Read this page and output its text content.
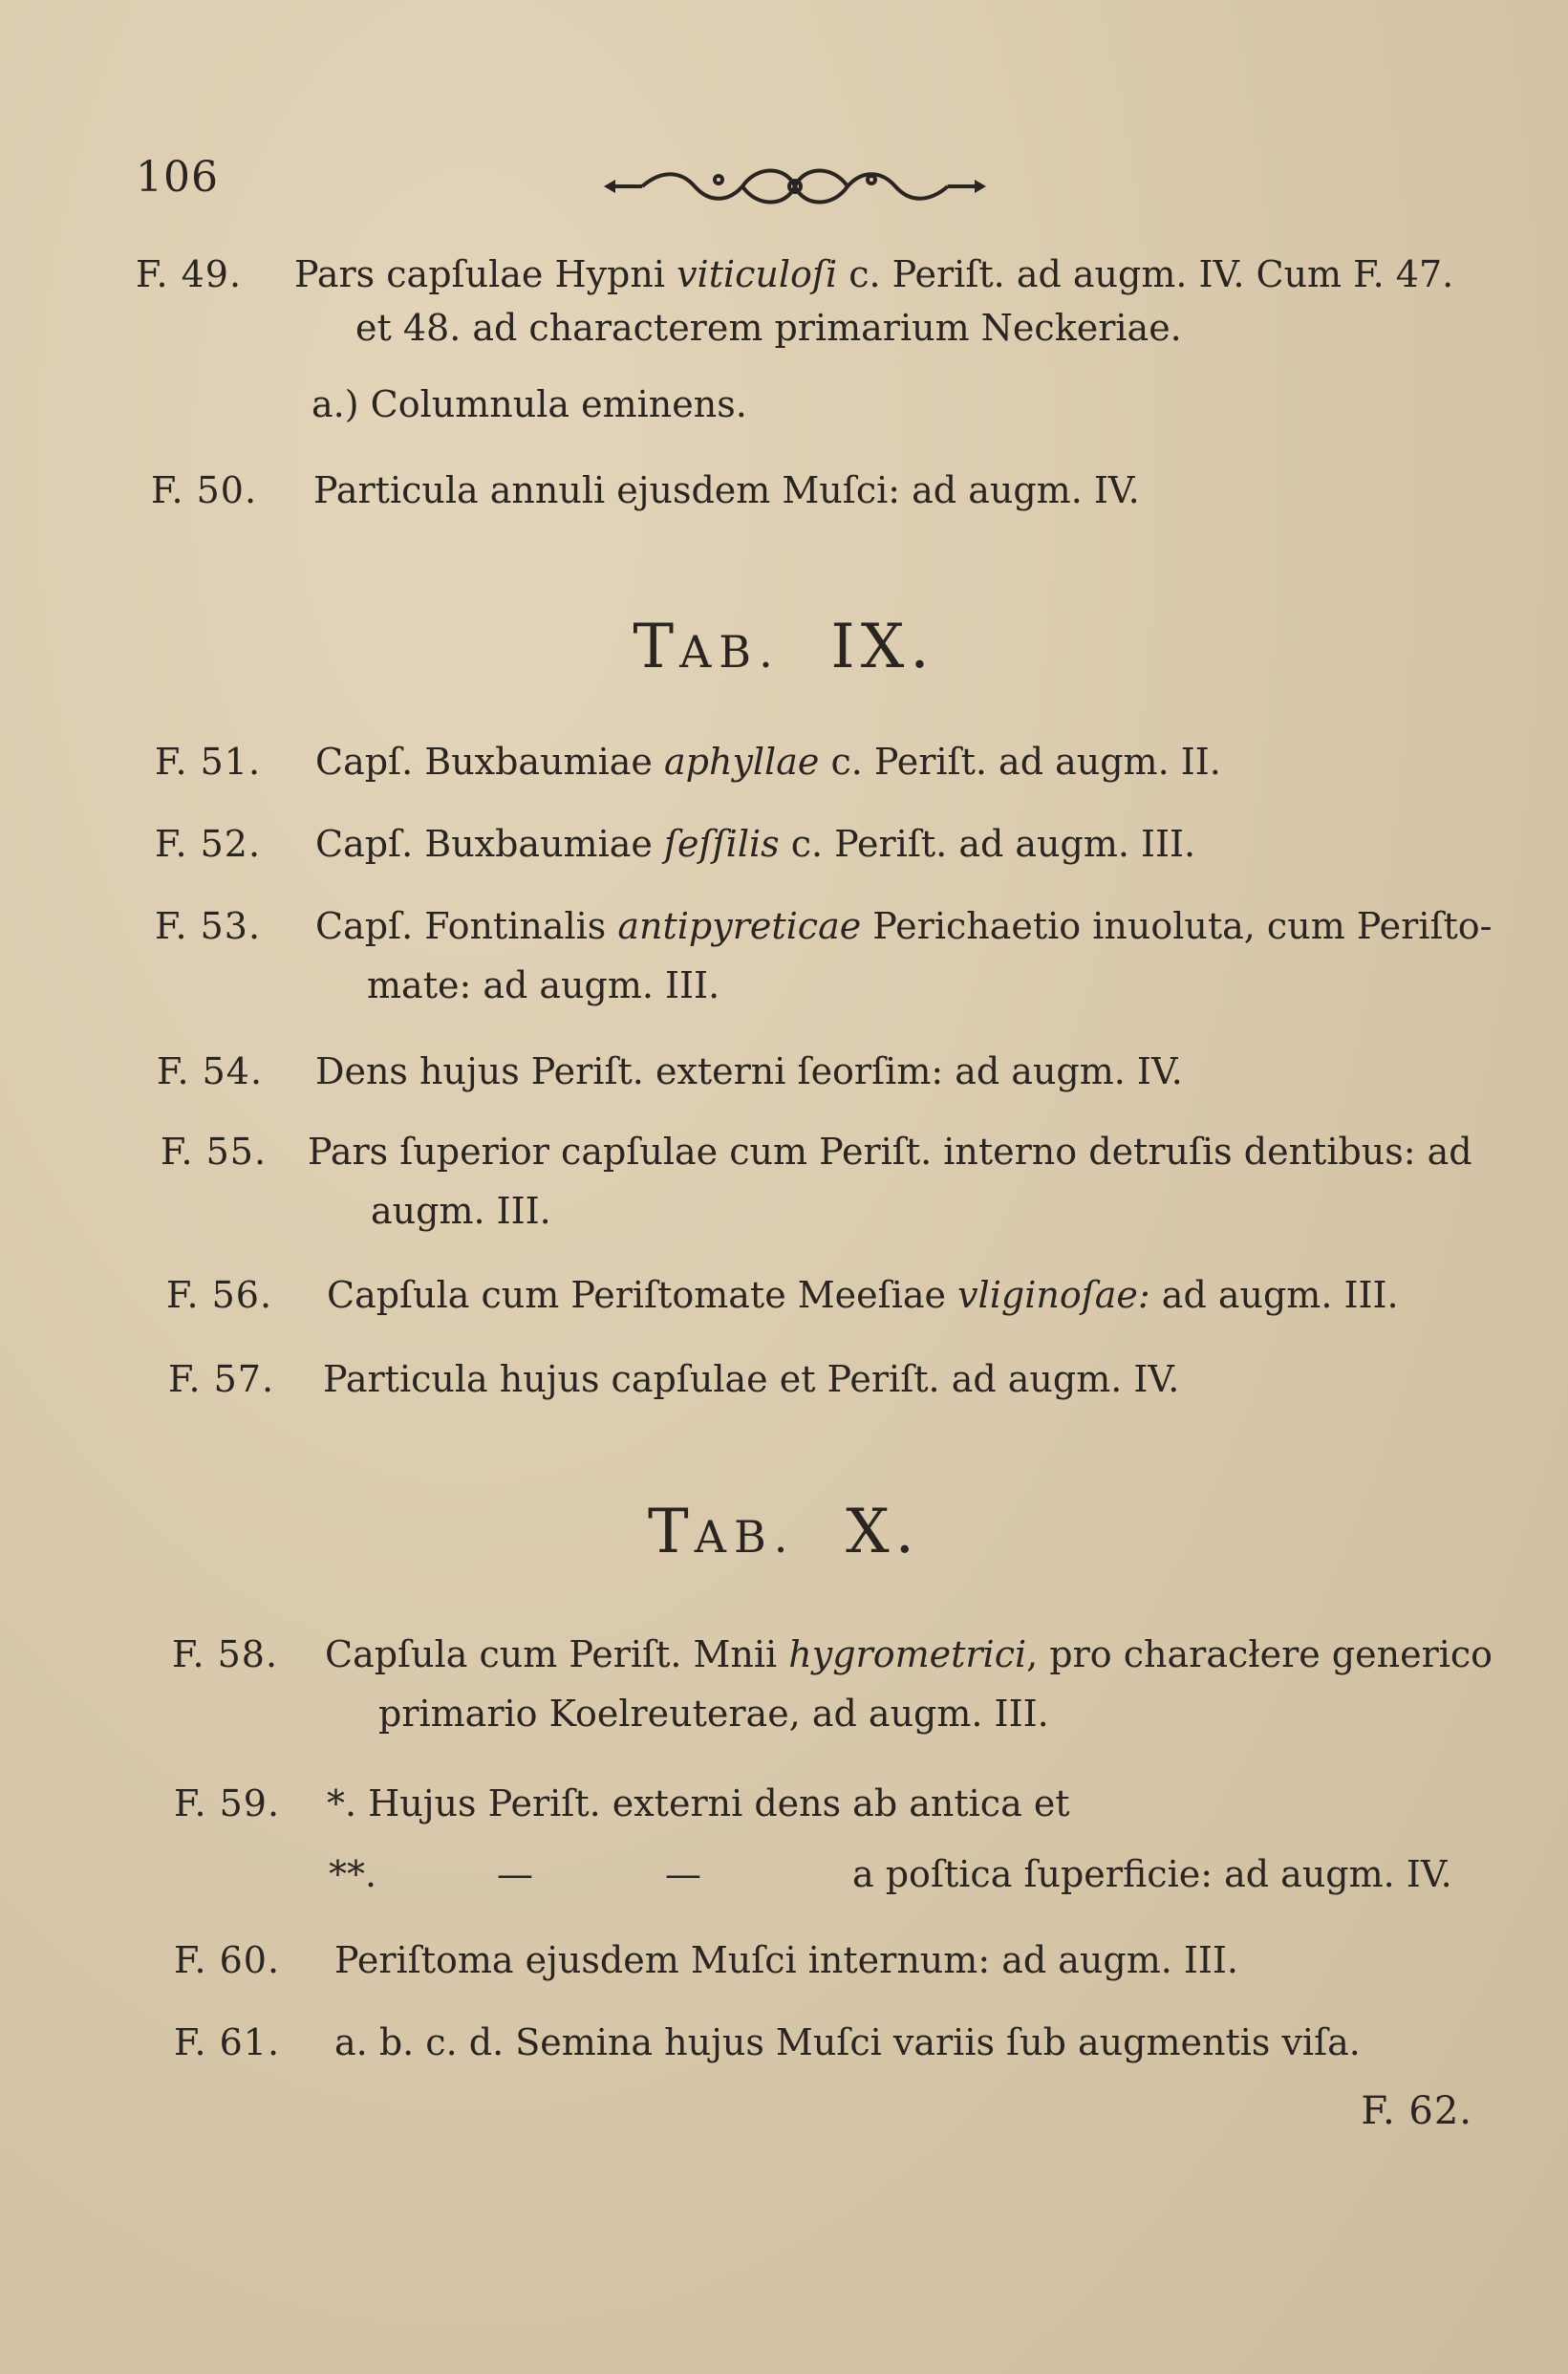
106
F. 49. Pars capſulae Hypni viticuloſi c. Periſt. ad augm. IV. Cum F. 47.
et 48. ad characterem primarium Neckeriae.
a.) Columnula eminens.
F. 50. Particula annuli ejusdem Muſci: ad augm. IV.
TAB. IX.
F. 51. Capſ. Buxbaumiae aphyllae c. Periſt. ad augm. II.
F. 52. Capſ. Buxbaumiae ſeſſilis c. Periſt. ad augm. III.
F. 53. Capſ. Fontinalis antipyreticae Perichaetio inuoluta, cum Periſto-
mate: ad augm. III.
F. 54. Dens hujus Periſt. externi ſeorſim: ad augm. IV.
F. 55. Pars ſuperior capſulae cum Periſt. interno detruſis dentibus: ad
augm. III.
F. 56. Capſula cum Periſtomate Meeſiae vliginoſae: ad augm. III.
F. 57. Particula hujus capſulae et Periſt. ad augm. IV.
TAB. X.
F. 58. Capſula cum Periſt. Mnii hygrometrici, pro characłere generico
primario Koelreuterae, ad augm. III.
F. 59. *. Hujus Periſt. externi dens ab antica et
**.	—	—	a poſtica ſuperficie: ad augm. IV.
F. 60. Periſtoma ejusdem Muſci internum: ad augm. III.
F. 61. a. b. c. d. Semina hujus Muſci variis ſub augmentis viſa.
F. 62.
